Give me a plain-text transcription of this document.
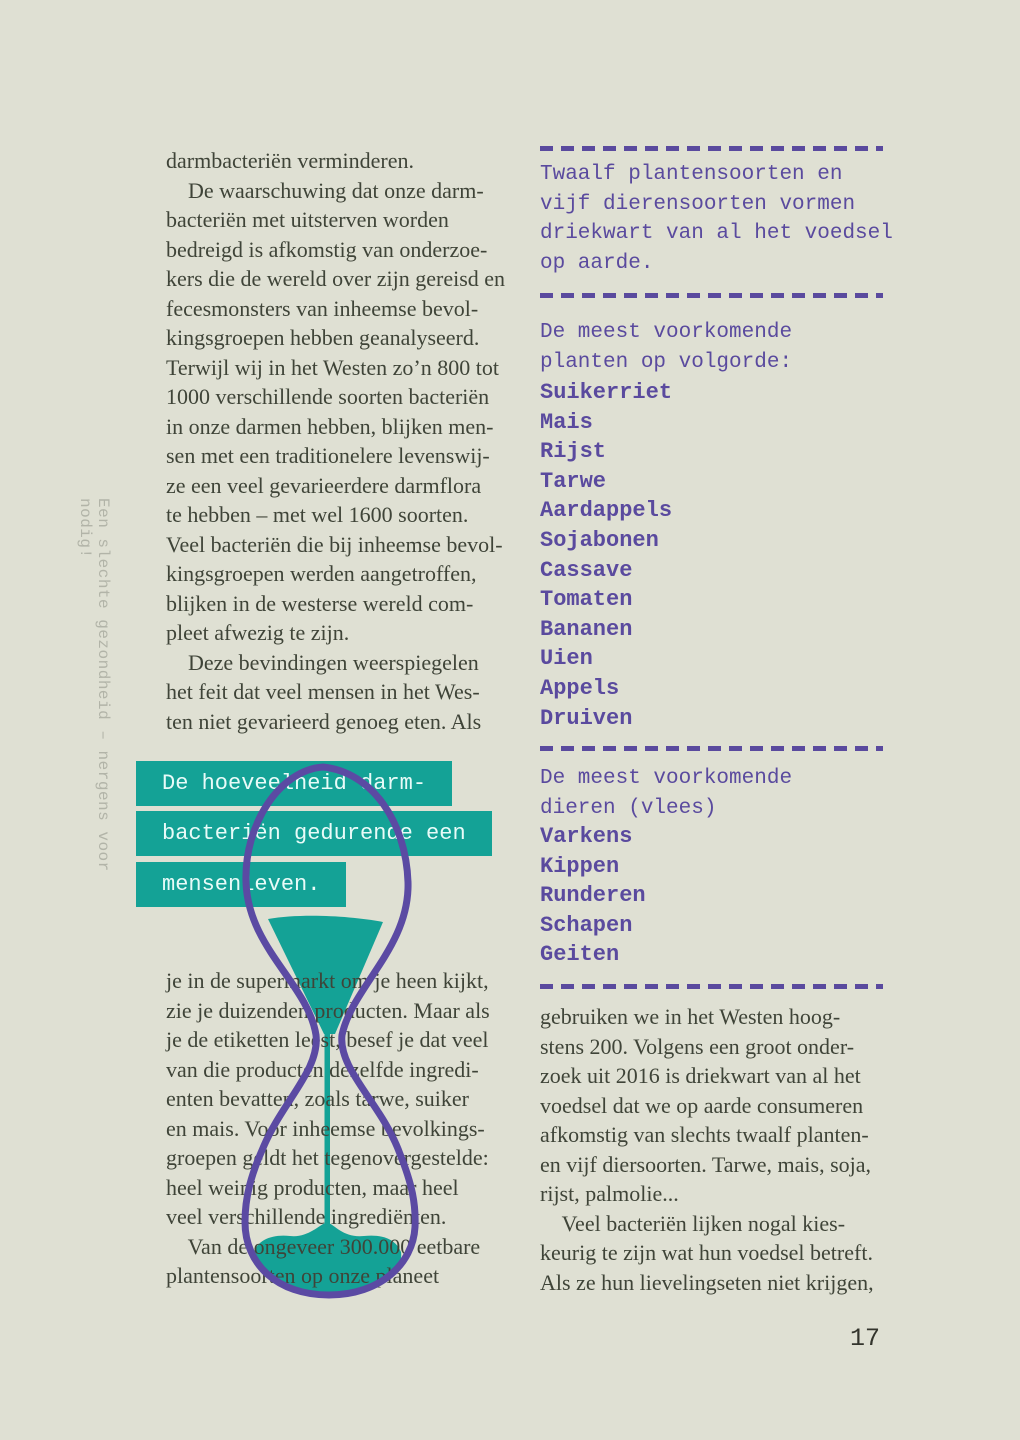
Een slechte gezondheid – nergens voor nodig!
darmbacteriën verminderen.
De waarschuwing dat onze darm-
bacteriën met uitsterven worden
bedreigd is afkomstig van onderzoe-
kers die de wereld over zijn gereisd en
fecesmonsters van inheemse bevol-
kingsgroepen hebben geanalyseerd.
Terwijl wij in het Westen zo’n 800 tot
1000 verschillende soorten bacteriën
in onze darmen hebben, blijken men-
sen met een traditionelere levenswij-
ze een veel gevarieerdere darmflora
te hebben – met wel 1600 soorten.
Veel bacteriën die bij inheemse bevol-
kingsgroepen werden aangetroffen,
blijken in de westerse wereld com-
pleet afwezig te zijn.
Deze bevindingen weerspiegelen
het feit dat veel mensen in het Wes-
ten niet gevarieerd genoeg eten. Als
De hoeveelheid darm-
bacteriën gedurende een
mensenleven.
je in de supermarkt om je heen kijkt,
zie je duizenden producten. Maar als
je de etiketten leest, besef je dat veel
van die producten dezelfde ingredi-
enten bevatten, zoals tarwe, suiker
en mais. Voor inheemse bevolkings-
groepen geldt het tegenovergestelde:
heel weinig producten, maar heel
veel verschillende ingrediënten.
Van de ongeveer 300.000 eetbare
plantensoorten op onze planeet
Twaalf plantensoorten en
vijf dierensoorten vormen
driekwart van al het voedsel
op aarde.
De meest voorkomende
planten op volgorde:
Suikerriet
Mais
Rijst
Tarwe
Aardappels
Sojabonen
Cassave
Tomaten
Bananen
Uien
Appels
Druiven
De meest voorkomende
dieren (vlees)
Varkens
Kippen
Runderen
Schapen
Geiten
gebruiken we in het Westen hoog-
stens 200. Volgens een groot onder-
zoek uit 2016 is driekwart van al het
voedsel dat we op aarde consumeren
afkomstig van slechts twaalf planten-
en vijf diersoorten. Tarwe, mais, soja,
rijst, palmolie...
Veel bacteriën lijken nogal kies-
keurig te zijn wat hun voedsel betreft.
Als ze hun lievelingseten niet krijgen,
17
